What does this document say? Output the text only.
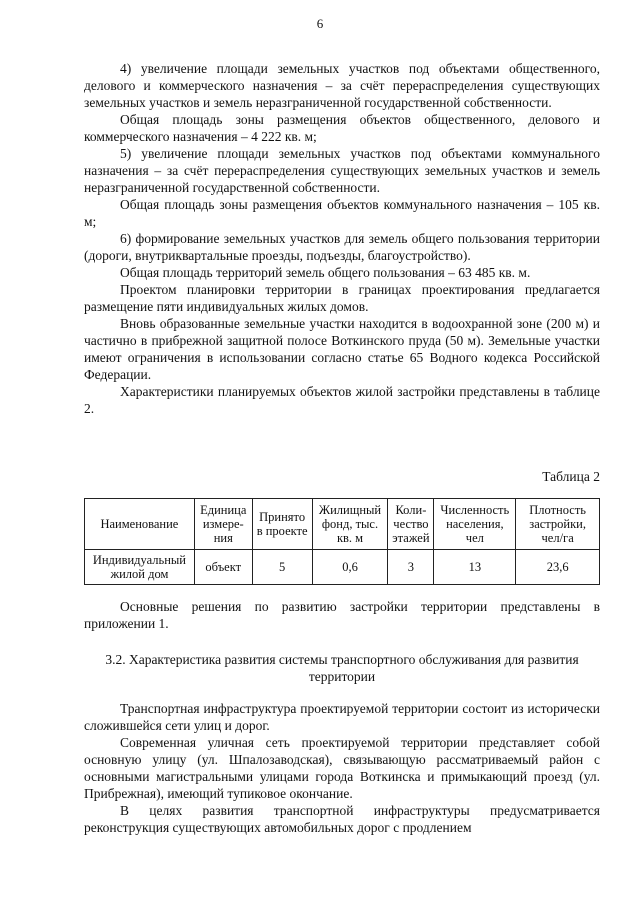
6

4) увеличение площади земельных участков под объектами общественного, делового и коммерческого назначения – за счёт перераспределения существующих земельных участков и земель неразграниченной государственной собственности.

Общая площадь зоны размещения объектов общественного, делового и коммерческого назначения – 4 222 кв. м;

5) увеличение площади земельных участков под объектами коммунального назначения – за счёт перераспределения существующих земельных участков и земель неразграниченной государственной собственности.

Общая площадь зоны размещения объектов коммунального назначения – 105 кв. м;

6) формирование земельных участков для земель общего пользования территории (дороги, внутриквартальные проезды, подъезды, благоустройство).

Общая площадь территорий земель общего пользования – 63 485 кв. м.

Проектом планировки территории в границах проектирования предлагается размещение пяти индивидуальных жилых домов.

Вновь образованные земельные участки находится в водоохранной зоне (200 м) и частично в прибрежной защитной полосе Воткинского пруда (50 м). Земельные участки имеют ограничения в использовании согласно статье 65 Водного кодекса Российской Федерации.

Характеристики планируемых объектов жилой застройки представлены в таблице 2.

Таблица 2
Наименование	Единица измере-ния	Принято в проекте	Жилищный фонд, тыс. кв. м	Коли-чество этажей	Численность населения, чел	Плотность застройки, чел/га
Индивидуальный жилой дом	объект	5	0,6	3	13	23,6

Основные решения по развитию застройки территории представлены в приложении 1.

3.2. Характеристика развития системы транспортного обслуживания для развития территории

Транспортная инфраструктура проектируемой территории состоит из исторически сложившейся сети улиц и дорог.

Современная уличная сеть проектируемой территории представляет собой основную улицу (ул. Шпалозаводская), связывающую рассматриваемый район с основными магистральными улицами города Воткинска и примыкающий проезд (ул. Прибрежная), имеющий тупиковое окончание.

В целях развития транспортной инфраструктуры предусматривается реконструкция существующих автомобильных дорог с продлением
